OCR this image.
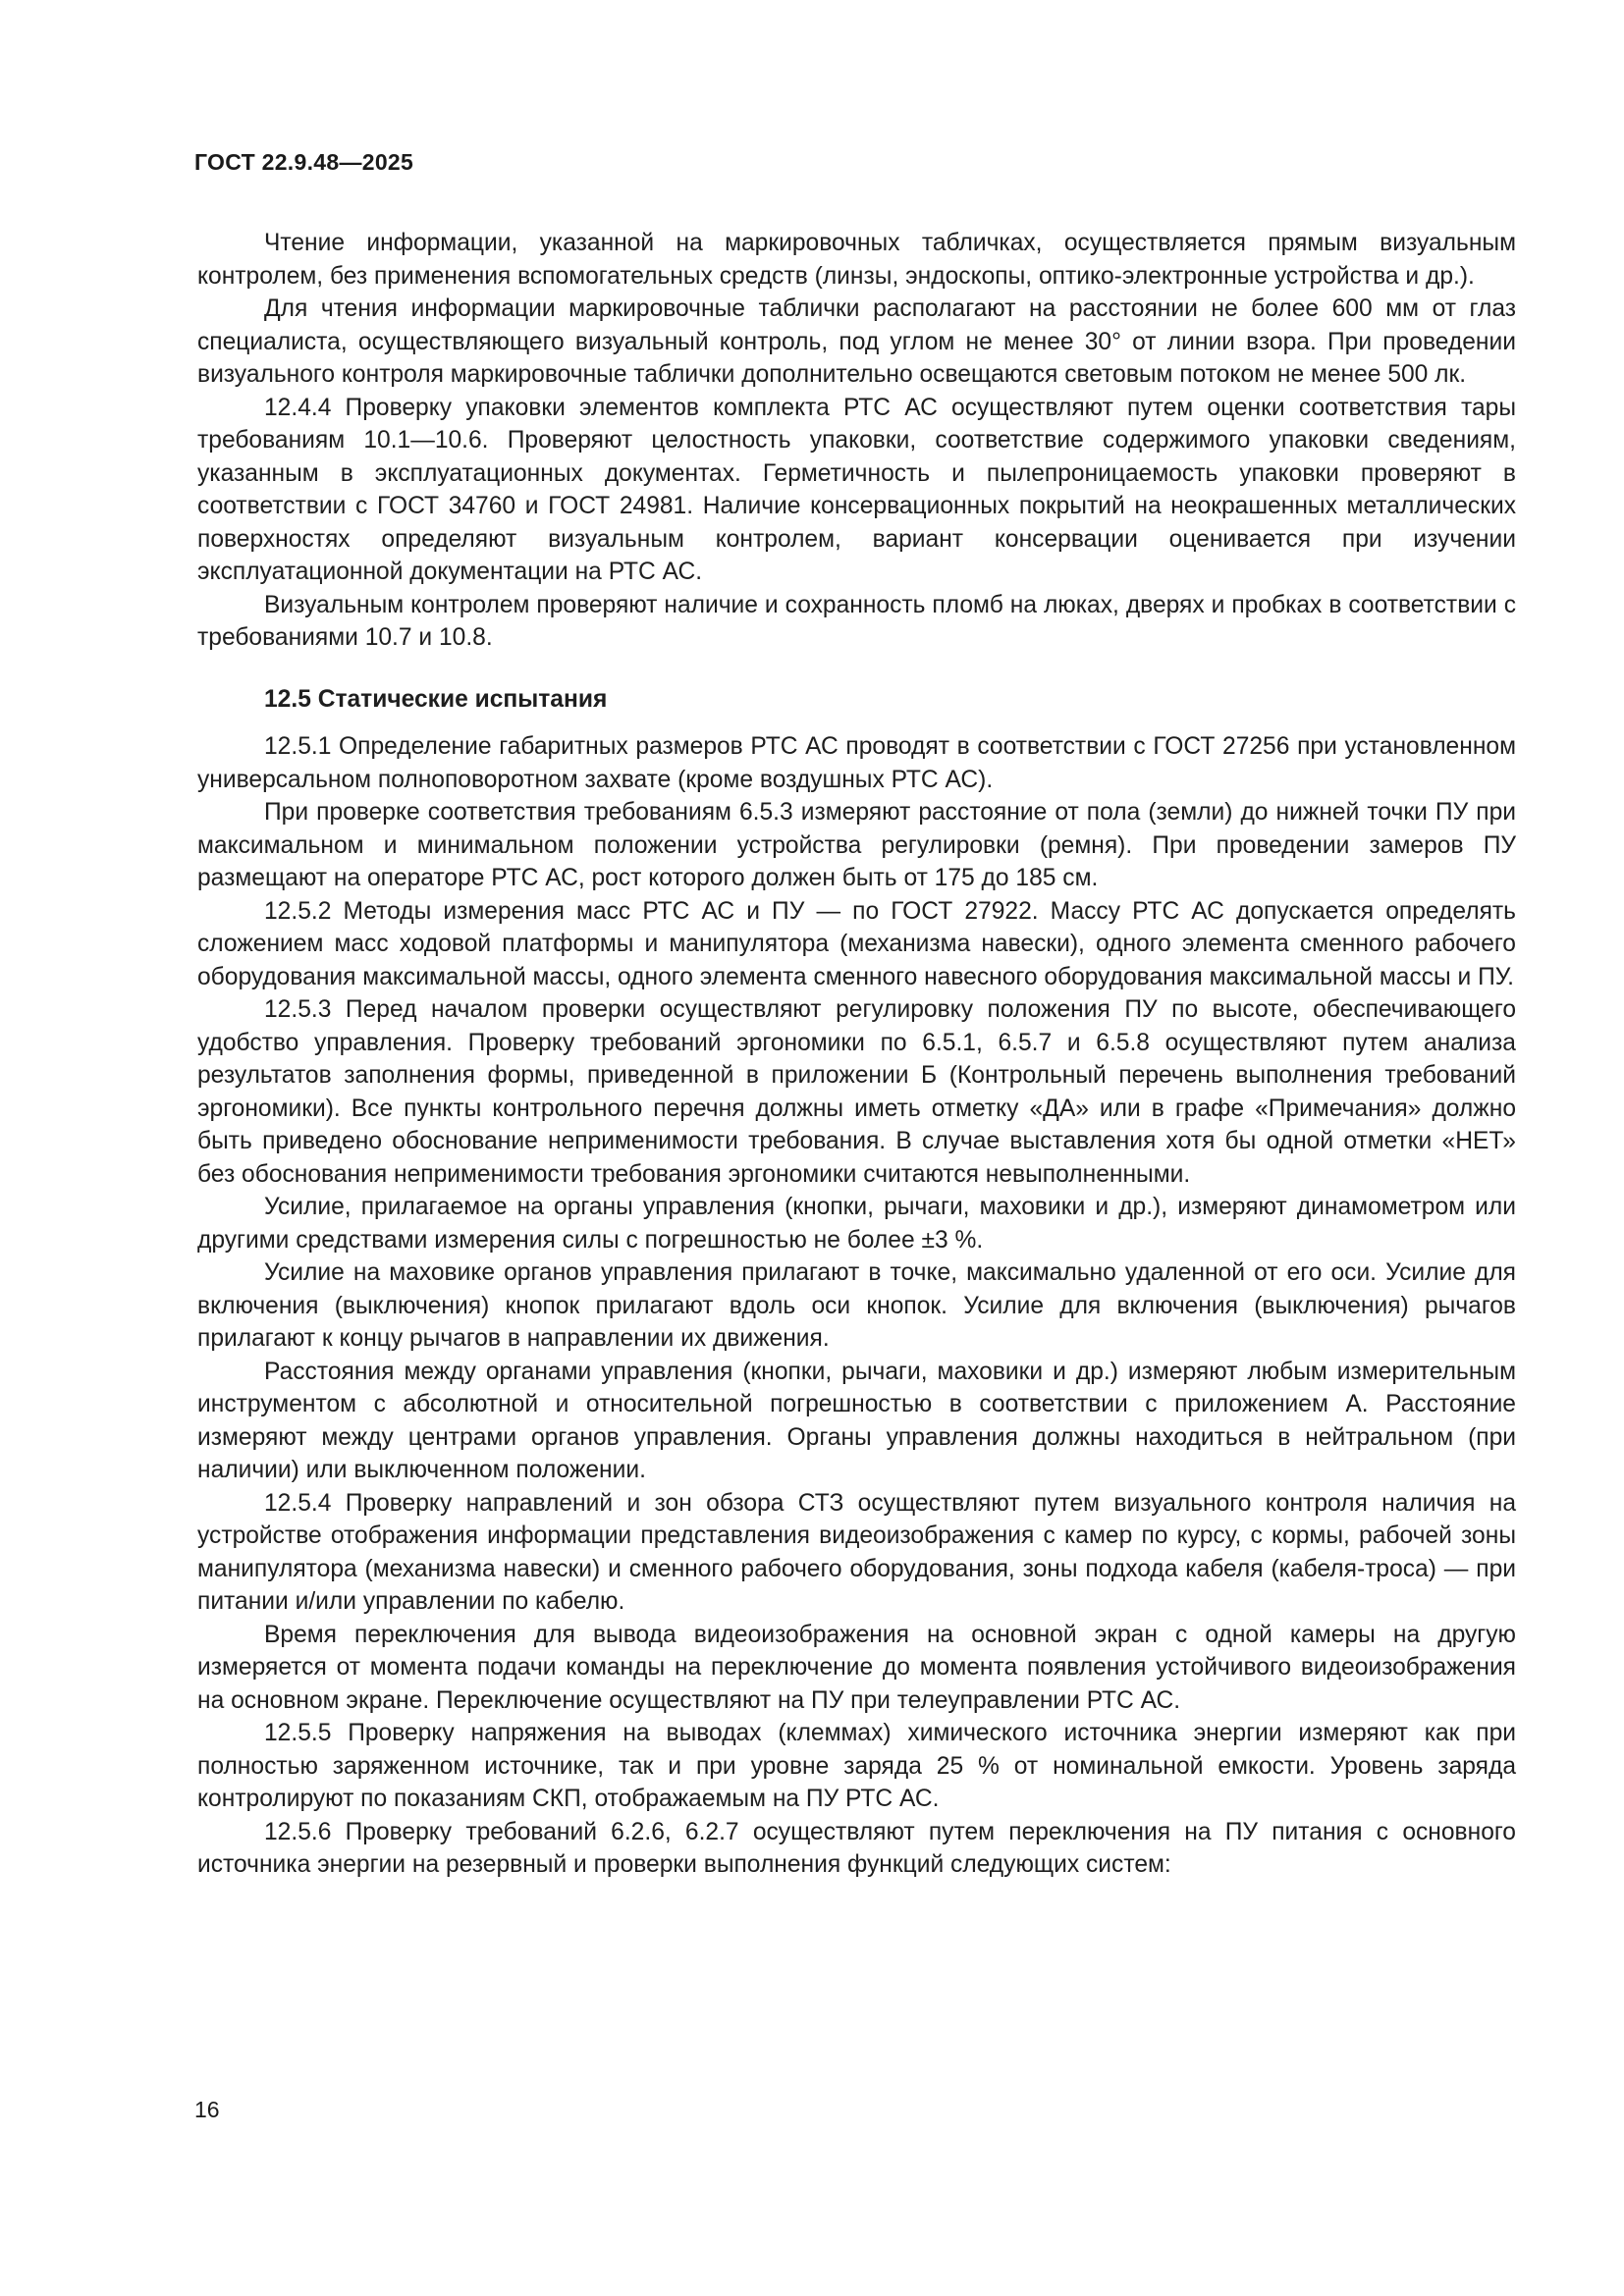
ГОСТ 22.9.48—2025

Чтение информации, указанной на маркировочных табличках, осуществляется прямым визуальным контролем, без применения вспомогательных средств (линзы, эндоскопы, оптико-электронные устройства и др.).

Для чтения информации маркировочные таблички располагают на расстоянии не более 600 мм от глаз специалиста, осуществляющего визуальный контроль, под углом не менее 30° от линии взора. При проведении визуального контроля маркировочные таблички дополнительно освещаются световым потоком не менее 500 лк.

12.4.4 Проверку упаковки элементов комплекта РТС АС осуществляют путем оценки соответствия тары требованиям 10.1—10.6. Проверяют целостность упаковки, соответствие содержимого упаковки сведениям, указанным в эксплуатационных документах. Герметичность и пылепроницаемость упаковки проверяют в соответствии с ГОСТ 34760 и ГОСТ 24981. Наличие консервационных покрытий на неокрашенных металлических поверхностях определяют визуальным контролем, вариант консервации оценивается при изучении эксплуатационной документации на РТС АС.

Визуальным контролем проверяют наличие и сохранность пломб на люках, дверях и пробках в соответствии с требованиями 10.7 и 10.8.

12.5 Статические испытания

12.5.1 Определение габаритных размеров РТС АС проводят в соответствии с ГОСТ 27256 при установленном универсальном полноповоротном захвате (кроме воздушных РТС АС).

При проверке соответствия требованиям 6.5.3 измеряют расстояние от пола (земли) до нижней точки ПУ при максимальном и минимальном положении устройства регулировки (ремня). При проведении замеров ПУ размещают на операторе РТС АС, рост которого должен быть от 175 до 185 см.

12.5.2 Методы измерения масс РТС АС и ПУ — по ГОСТ 27922. Массу РТС АС допускается определять сложением масс ходовой платформы и манипулятора (механизма навески), одного элемента сменного рабочего оборудования максимальной массы, одного элемента сменного навесного оборудования максимальной массы и ПУ.

12.5.3 Перед началом проверки осуществляют регулировку положения ПУ по высоте, обеспечивающего удобство управления. Проверку требований эргономики по 6.5.1, 6.5.7 и 6.5.8 осуществляют путем анализа результатов заполнения формы, приведенной в приложении Б (Контрольный перечень выполнения требований эргономики). Все пункты контрольного перечня должны иметь отметку «ДА» или в графе «Примечания» должно быть приведено обоснование неприменимости требования. В случае выставления хотя бы одной отметки «НЕТ» без обоснования неприменимости требования эргономики считаются невыполненными.

Усилие, прилагаемое на органы управления (кнопки, рычаги, маховики и др.), измеряют динамометром или другими средствами измерения силы с погрешностью не более ±3 %.

Усилие на маховике органов управления прилагают в точке, максимально удаленной от его оси. Усилие для включения (выключения) кнопок прилагают вдоль оси кнопок. Усилие для включения (выключения) рычагов прилагают к концу рычагов в направлении их движения.

Расстояния между органами управления (кнопки, рычаги, маховики и др.) измеряют любым измерительным инструментом с абсолютной и относительной погрешностью в соответствии с приложением А. Расстояние измеряют между центрами органов управления. Органы управления должны находиться в нейтральном (при наличии) или выключенном положении.

12.5.4 Проверку направлений и зон обзора СТЗ осуществляют путем визуального контроля наличия на устройстве отображения информации представления видеоизображения с камер по курсу, с кормы, рабочей зоны манипулятора (механизма навески) и сменного рабочего оборудования, зоны подхода кабеля (кабеля-троса) — при питании и/или управлении по кабелю.

Время переключения для вывода видеоизображения на основной экран с одной камеры на другую измеряется от момента подачи команды на переключение до момента появления устойчивого видеоизображения на основном экране. Переключение осуществляют на ПУ при телеуправлении РТС АС.

12.5.5 Проверку напряжения на выводах (клеммах) химического источника энергии измеряют как при полностью заряженном источнике, так и при уровне заряда 25 % от номинальной емкости. Уровень заряда контролируют по показаниям СКП, отображаемым на ПУ РТС АС.

12.5.6 Проверку требований 6.2.6, 6.2.7 осуществляют путем переключения на ПУ питания с основного источника энергии на резервный и проверки выполнения функций следующих систем:

16
